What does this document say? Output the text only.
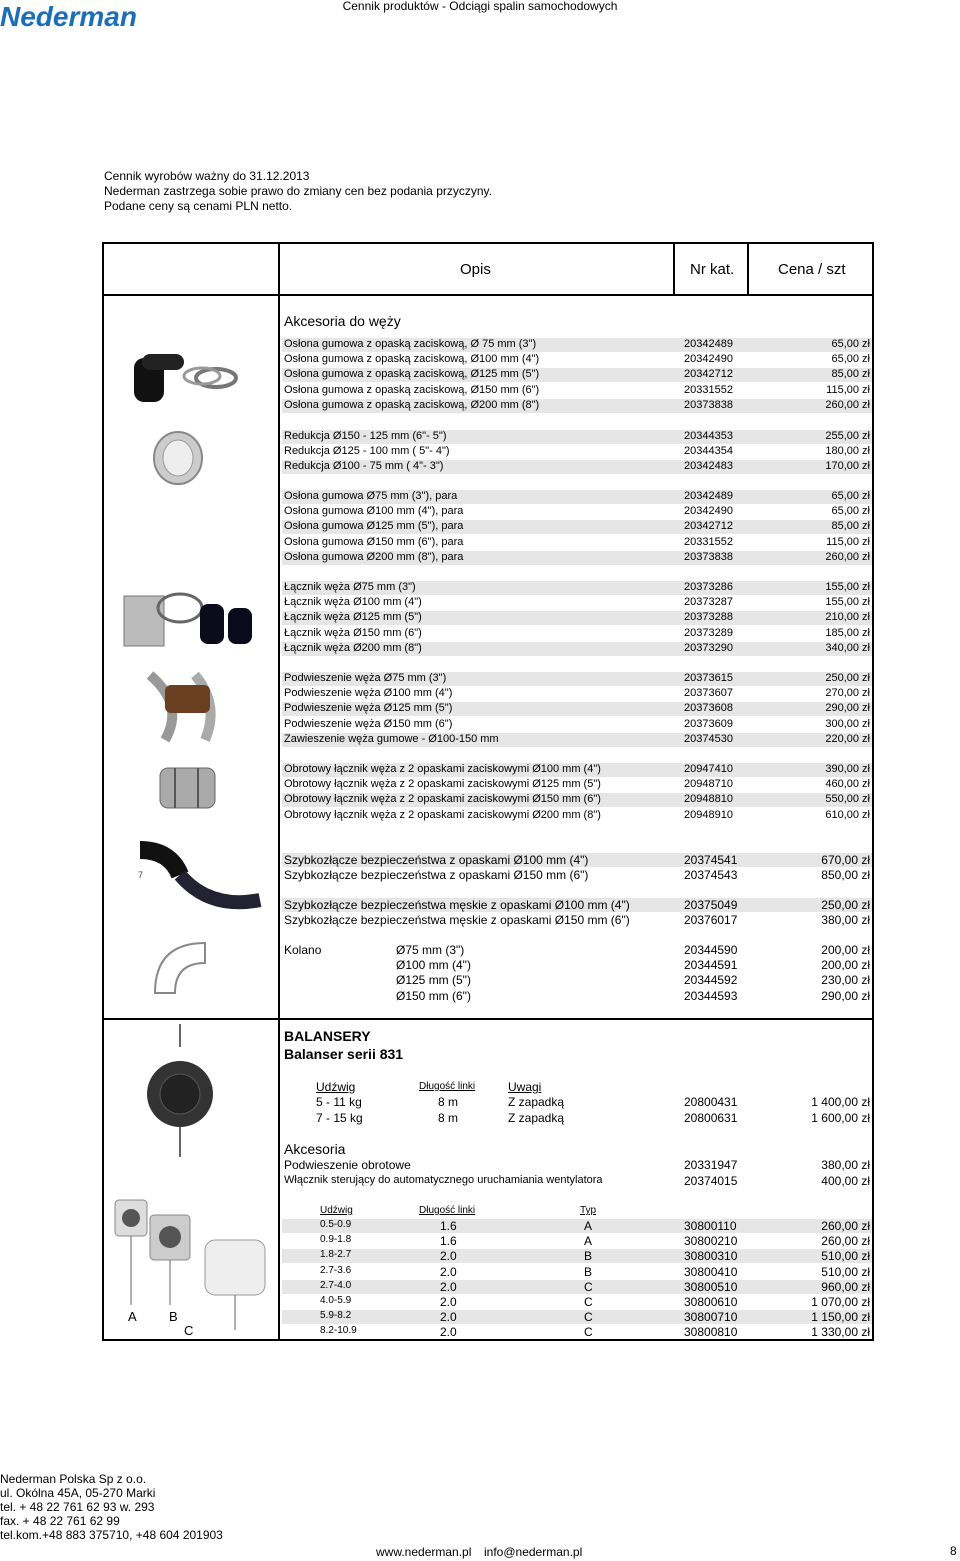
Cennik produktów - Odciągi spalin samochodowych
Cennik wyrobów ważny do 31.12.2013
Nederman zastrzega sobie prawo do zmiany cen bez podania przyczyny.
Podane ceny są cenami PLN netto.
Nederman
Opis	Nr kat.	Cena / szt
Akcesoria do węży
Osłona gumowa z opaską zaciskową, Ø 75 mm (3")	20342489	65,00 zł
Osłona gumowa z opaską zaciskową, Ø100 mm (4")	20342490	65,00 zł
Osłona gumowa z opaską zaciskową, Ø125 mm (5")	20342712	85,00 zł
Osłona gumowa z opaską zaciskową, Ø150 mm (6")	20331552	115,00 zł
Osłona gumowa z opaską zaciskową, Ø200 mm (8")	20373838	260,00 zł
Redukcja Ø150 - 125 mm (6"- 5")	20344353	255,00 zł
Redukcja Ø125 - 100 mm ( 5"- 4")	20344354	180,00 zł
Redukcja Ø100 - 75 mm ( 4"- 3")	20342483	170,00 zł
Osłona gumowa Ø75 mm (3"), para	20342489	65,00 zł
Osłona gumowa Ø100 mm (4"), para	20342490	65,00 zł
Osłona gumowa Ø125 mm (5"), para	20342712	85,00 zł
Osłona gumowa Ø150 mm (6"), para	20331552	115,00 zł
Osłona gumowa Ø200 mm (8"), para	20373838	260,00 zł
Łącznik węża Ø75 mm (3")	20373286	155,00 zł
Łącznik węża Ø100 mm (4")	20373287	155,00 zł
Łącznik węża Ø125 mm (5")	20373288	210,00 zł
Łącznik węża Ø150 mm (6")	20373289	185,00 zł
Łącznik węża Ø200 mm (8")	20373290	340,00 zł
Podwieszenie węża Ø75 mm (3")	20373615	250,00 zł
Podwieszenie węża Ø100 mm (4")	20373607	270,00 zł
Podwieszenie węża Ø125 mm (5")	20373608	290,00 zł
Podwieszenie węża Ø150 mm (6")	20373609	300,00 zł
Zawieszenie węża gumowe - Ø100-150 mm	20374530	220,00 zł
Obrotowy łącznik węża z 2 opaskami zaciskowymi Ø100 mm (4")	20947410	390,00 zł
Obrotowy łącznik węża z 2 opaskami zaciskowymi Ø125 mm (5")	20948710	460,00 zł
Obrotowy łącznik węża z 2 opaskami zaciskowymi Ø150 mm (6")	20948810	550,00 zł
Obrotowy łącznik węża z 2 opaskami zaciskowymi Ø200 mm (8")	20948910	610,00 zł
Szybkozłącze bezpieczeństwa z opaskami Ø100 mm (4")	20374541	670,00 zł
Szybkozłącze bezpieczeństwa z opaskami Ø150 mm (6")	20374543	850,00 zł
Szybkozłącze bezpieczeństwa męskie z opaskami Ø100 mm (4")	20375049	250,00 zł
Szybkozłącze bezpieczeństwa męskie z opaskami Ø150 mm (6")	20376017	380,00 zł
Kolano	Ø75 mm (3")	20344590	200,00 zł
Ø100 mm (4")	20344591	200,00 zł
Ø125 mm (5")	20344592	230,00 zł
Ø150 mm (6")	20344593	290,00 zł
BALANSERY
Balanser serii 831
Udźwig	Długość linki	Uwagi
5 - 11 kg	8 m	Z zapadką	20800431	1 400,00 zł
7 - 15 kg	8 m	Z zapadką	20800631	1 600,00 zł
Akcesoria
Podwieszenie obrotowe	20331947	380,00 zł
Włącznik sterujący do automatycznego uruchamiania wentylatora	20374015	400,00 zł
Udźwig	Długość linki	Typ
0.5-0.9	1.6	A	30800110	260,00 zł
0.9-1.8	1.6	A	30800210	260,00 zł
1.8-2.7	2.0	B	30800310	510,00 zł
2.7-3.6	2.0	B	30800410	510,00 zł
2.7-4.0	2.0	C	30800510	960,00 zł
4.0-5.9	2.0	C	30800610	1 070,00 zł
5.9-8.2	2.0	C	30800710	1 150,00 zł
8.2-10.9	2.0	C	30800810	1 330,00 zł
A B
C
7
Nederman Polska Sp z o.o.
ul. Okólna 45A, 05-270 Marki
tel. + 48 22 761 62 93 w. 293
fax. + 48 22 761 62 99
tel.kom.+48 883 375710, +48 604 201903
www.nederman.pl info@nederman.pl	8
